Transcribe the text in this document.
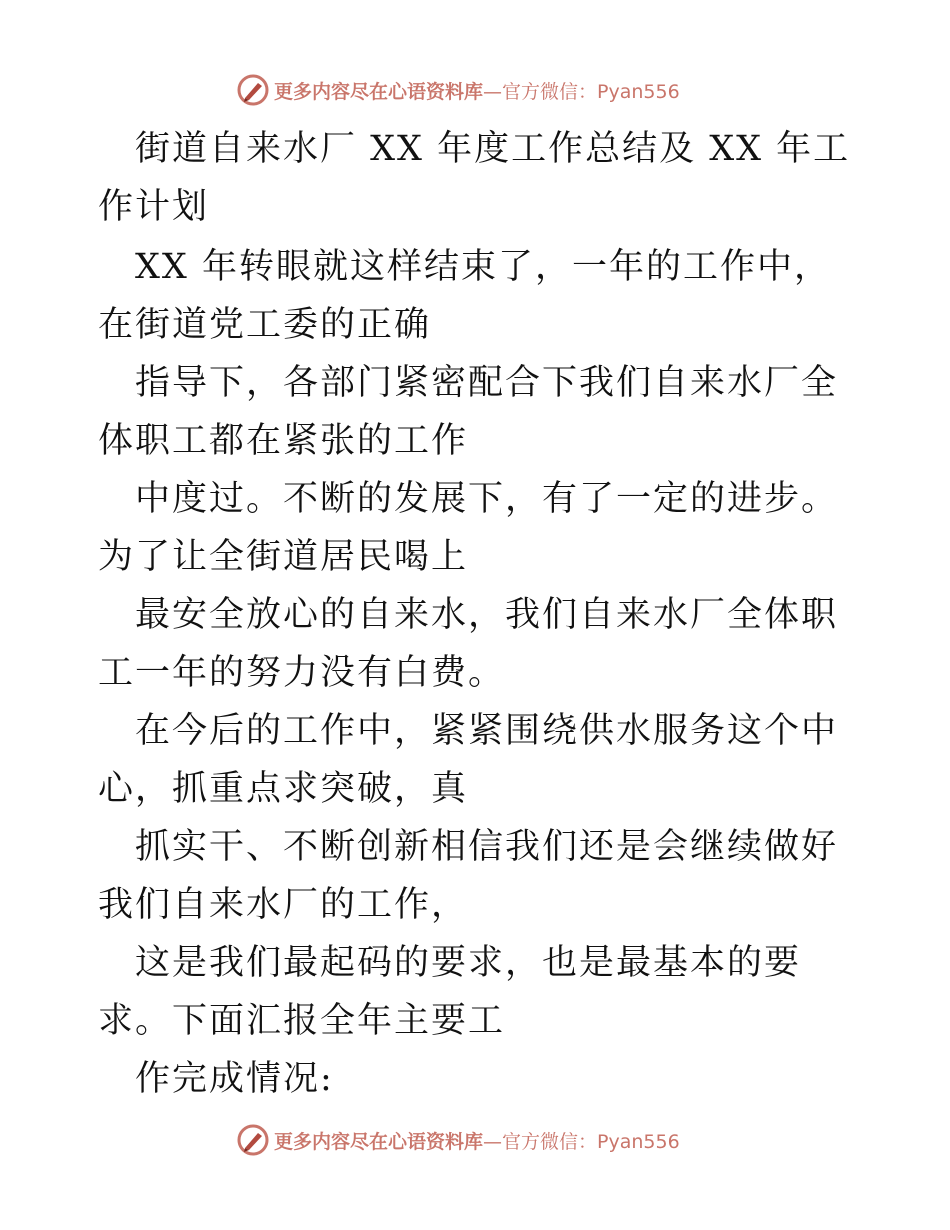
更多内容尽在心语资料库—官方微信：Pyan556

街道自来水厂 XX 年度工作总结及 XX 年工作计划

XX 年转眼就这样结束了，一年的工作中，在街道党工委的正确

指导下，各部门紧密配合下我们自来水厂全体职工都在紧张的工作

中度过。不断的发展下，有了一定的进步。为了让全街道居民喝上

最安全放心的自来水，我们自来水厂全体职工一年的努力没有白费。

在今后的工作中，紧紧围绕供水服务这个中心，抓重点求突破，真

抓实干、不断创新相信我们还是会继续做好我们自来水厂的工作，

这是我们最起码的要求，也是最基本的要求。下面汇报全年主要工

作完成情况:

更多内容尽在心语资料库—官方微信：Pyan556
